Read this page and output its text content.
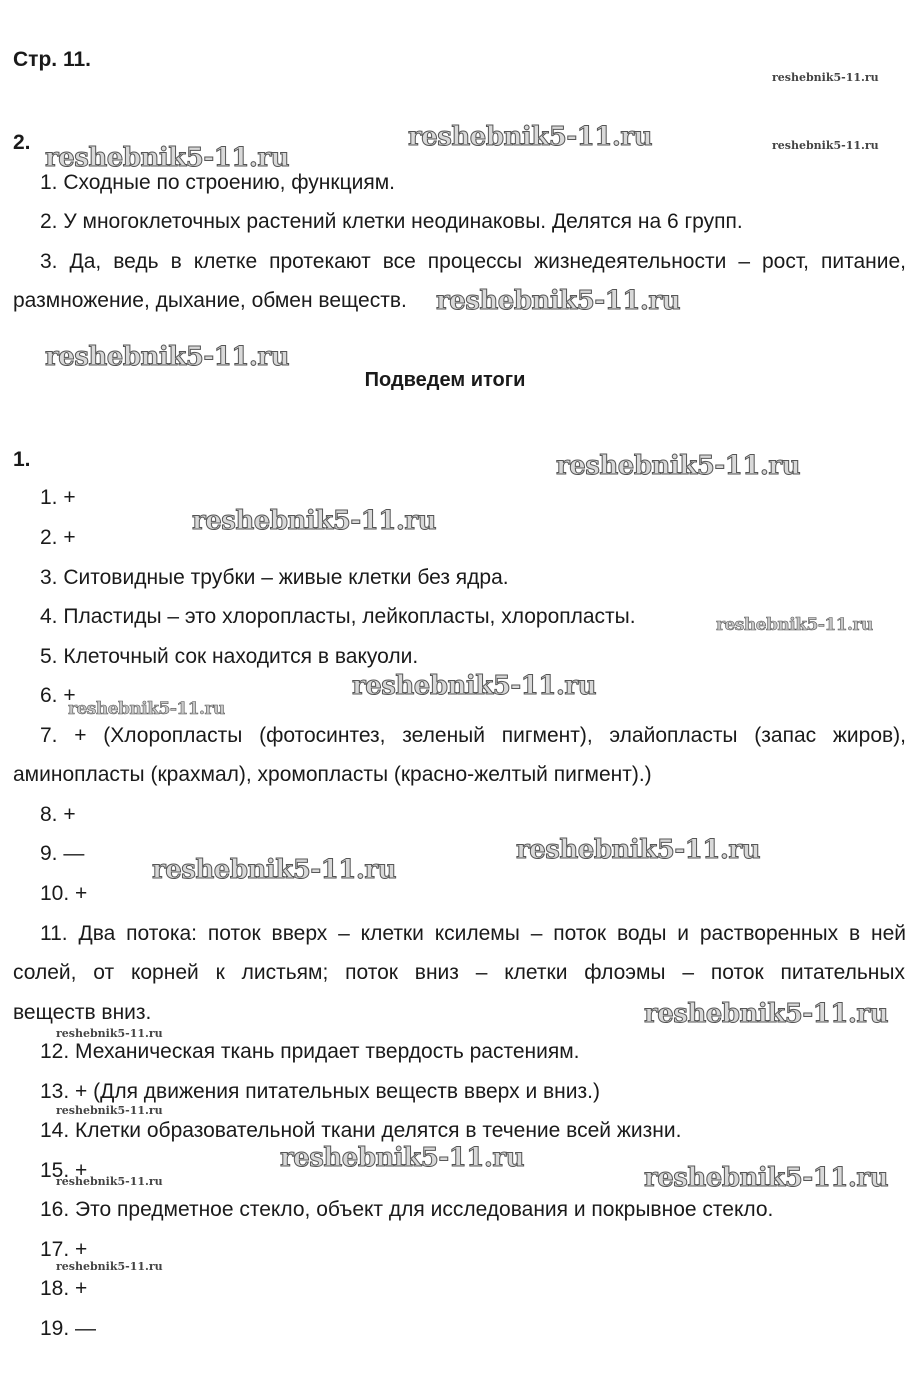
Стр. 11.
2.
1. Сходные по строению, функциям.
2. У многоклеточных растений клетки неодинаковы. Делятся на 6 групп.
3. Да, ведь в клетке протекают все процессы жизнедеятельности – рост, питание,
размножение, дыхание, обмен веществ.
Подведем итоги
1.
1. +
2. +
3. Ситовидные трубки – живые клетки без ядра.
4. Пластиды – это хлоропласты, лейкопласты, хлоропласты.
5. Клеточный сок находится в вакуоли.
6. +
7. + (Хлоропласты (фотосинтез, зеленый пигмент), элайопласты (запас жиров),
аминопласты (крахмал), хромопласты (красно-желтый пигмент).)
8. +
9. —
10. +
11. Два потока: поток вверх – клетки ксилемы – поток воды и растворенных в ней
солей, от корней к листьям; поток вниз – клетки флоэмы – поток питательных
веществ вниз.
12. Механическая ткань придает твердость растениям.
13. + (Для движения питательных веществ вверх и вниз.)
14. Клетки образовательной ткани делятся в течение всей жизни.
15. +
16. Это предметное стекло, объект для исследования и покрывное стекло.
17. +
18. +
19. —
reshebnik5-11.ru
reshebnik5-11.ru
reshebnik5-11.ru
reshebnik5-11.ru
reshebnik5-11.ru
reshebnik5-11.ru
reshebnik5-11.ru
reshebnik5-11.ru
reshebnik5-11.ru
reshebnik5-11.ru
reshebnik5-11.ru
reshebnik5-11.ru
reshebnik5-11.ru
reshebnik5-11.ru
reshebnik5-11.ru
reshebnik5-11.ru
reshebnik5-11.ru
reshebnik5-11.ru
reshebnik5-11.ru
reshebnik5-11.ru
